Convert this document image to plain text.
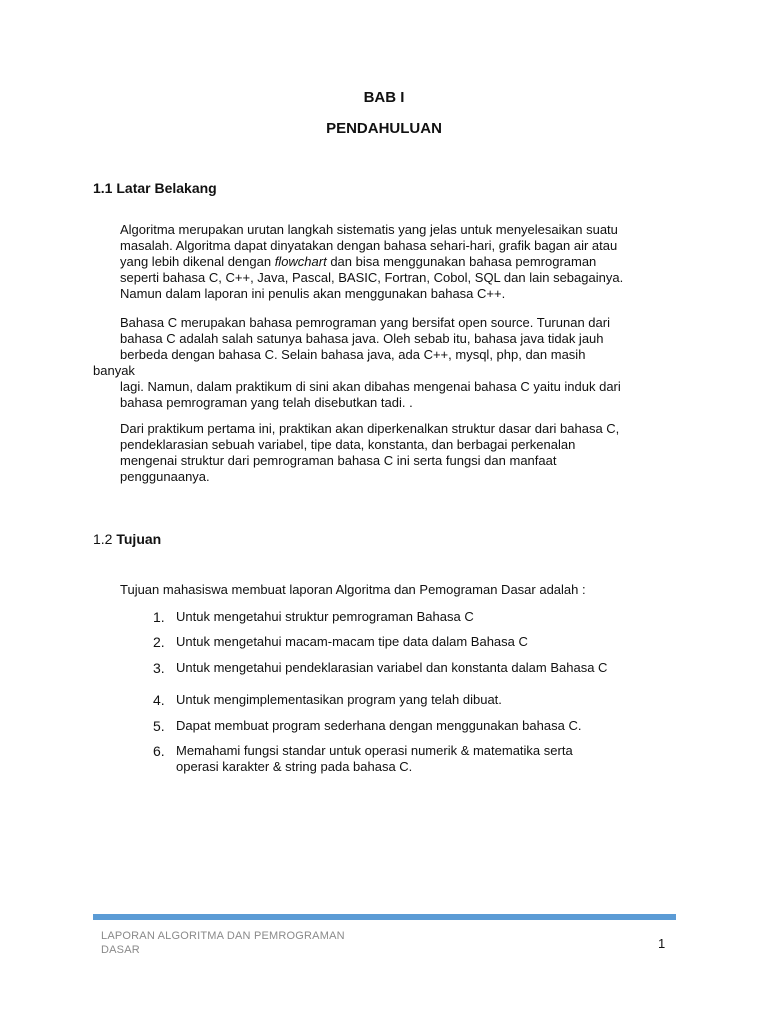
BAB I
PENDAHULUAN
1.1 Latar Belakang
Algoritma merupakan urutan langkah sistematis yang jelas untuk menyelesaikan suatu
masalah. Algoritma dapat dinyatakan dengan bahasa sehari-hari, grafik bagan air atau
yang lebih dikenal dengan flowchart dan bisa menggunakan bahasa pemrograman
seperti bahasa C, C++, Java, Pascal, BASIC, Fortran, Cobol, SQL dan lain sebagainya.
Namun dalam laporan ini penulis akan menggunakan bahasa C++.
Bahasa C merupakan bahasa pemrograman yang bersifat open source. Turunan dari
bahasa C adalah salah satunya bahasa java. Oleh sebab itu, bahasa java tidak jauh
berbeda dengan bahasa C. Selain bahasa java, ada C++, mysql, php, dan masih
banyak
lagi. Namun, dalam praktikum di sini akan dibahas mengenai bahasa C yaitu induk dari
bahasa pemrograman yang telah disebutkan tadi. .
Dari praktikum pertama ini, praktikan akan diperkenalkan struktur dasar dari bahasa C,
pendeklarasian sebuah variabel, tipe data, konstanta, dan berbagai perkenalan
mengenai struktur dari pemrograman bahasa C ini serta fungsi dan manfaat
penggunaanya.
1.2 Tujuan
Tujuan mahasiswa membuat laporan Algoritma dan Pemograman Dasar adalah :
1. Untuk mengetahui struktur pemrograman Bahasa C
2. Untuk mengetahui macam-macam tipe data dalam Bahasa C
3. Untuk mengetahui pendeklarasian variabel dan konstanta dalam Bahasa C
4. Untuk mengimplementasikan program yang telah dibuat.
5. Dapat membuat program sederhana dengan menggunakan bahasa C.
6. Memahami fungsi standar untuk operasi numerik & matematika serta
operasi karakter & string pada bahasa C.
LAPORAN ALGORITMA DAN PEMROGRAMAN
DASAR	1
